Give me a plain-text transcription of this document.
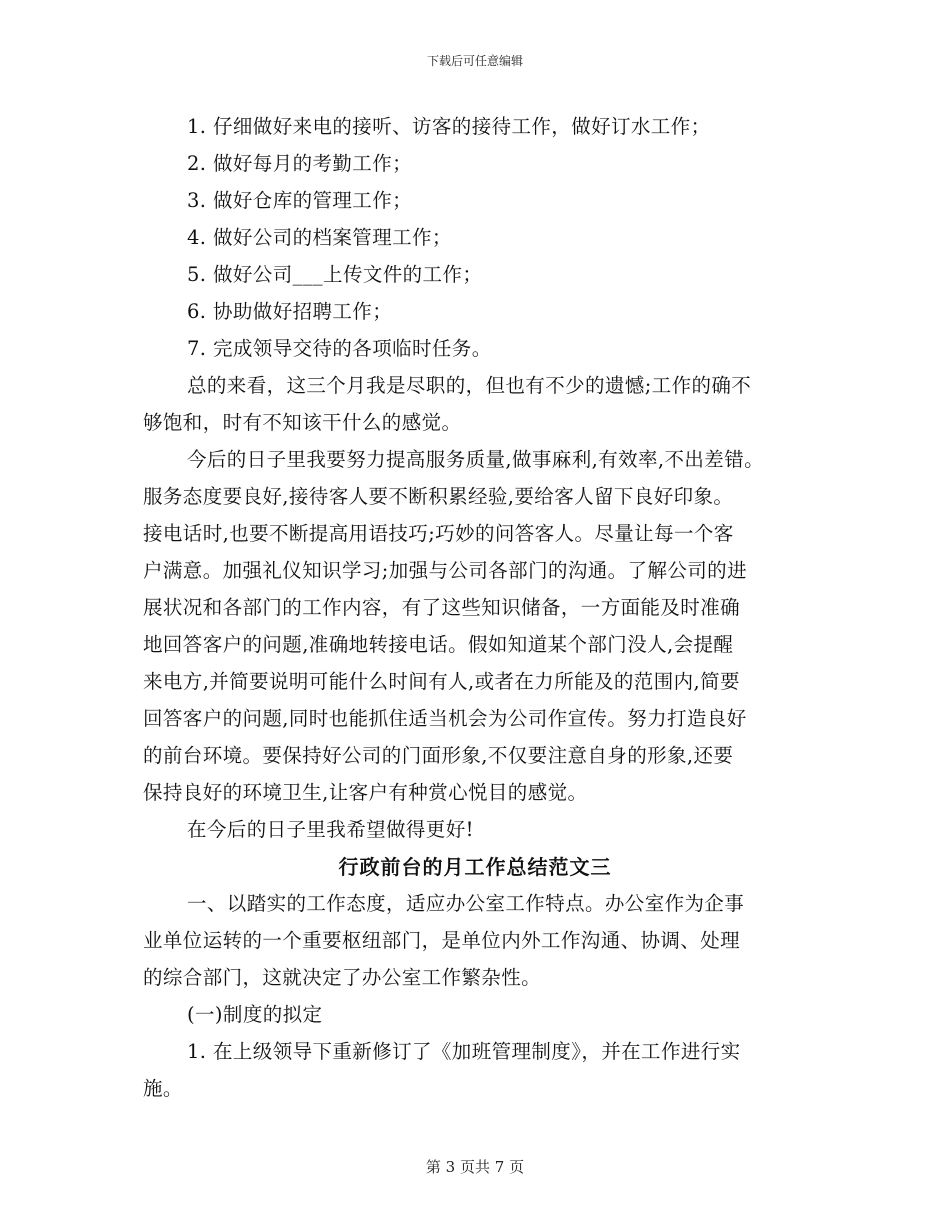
下载后可任意编辑
1. 仔细做好来电的接听、访客的接待工作，做好订水工作；
2. 做好每月的考勤工作；
3. 做好仓库的管理工作；
4. 做好公司的档案管理工作；
5. 做好公司___上传文件的工作；
6. 协助做好招聘工作；
7. 完成领导交待的各项临时任务。
总的来看，这三个月我是尽职的，但也有不少的遗憾;工作的确不
够饱和，时有不知该干什么的感觉。
今后的日子里我要努力提高服务质量,做事麻利,有效率,不出差错。
服务态度要良好,接待客人要不断积累经验,要给客人留下良好印象。
接电话时,也要不断提高用语技巧;巧妙的问答客人。尽量让每一个客
户满意。加强礼仪知识学习;加强与公司各部门的沟通。了解公司的进
展状况和各部门的工作内容，有了这些知识储备，一方面能及时准确
地回答客户的问题,准确地转接电话。假如知道某个部门没人,会提醒
来电方,并简要说明可能什么时间有人,或者在力所能及的范围内,简要
回答客户的问题,同时也能抓住适当机会为公司作宣传。努力打造良好
的前台环境。要保持好公司的门面形象,不仅要注意自身的形象,还要
保持良好的环境卫生,让客户有种赏心悦目的感觉。
在今后的日子里我希望做得更好!
行政前台的月工作总结范文三
一、以踏实的工作态度，适应办公室工作特点。办公室作为企事
业单位运转的一个重要枢纽部门，是单位内外工作沟通、协调、处理
的综合部门，这就决定了办公室工作繁杂性。
(一)制度的拟定
1. 在上级领导下重新修订了《加班管理制度》，并在工作进行实
施。
第 3 页共 7 页
